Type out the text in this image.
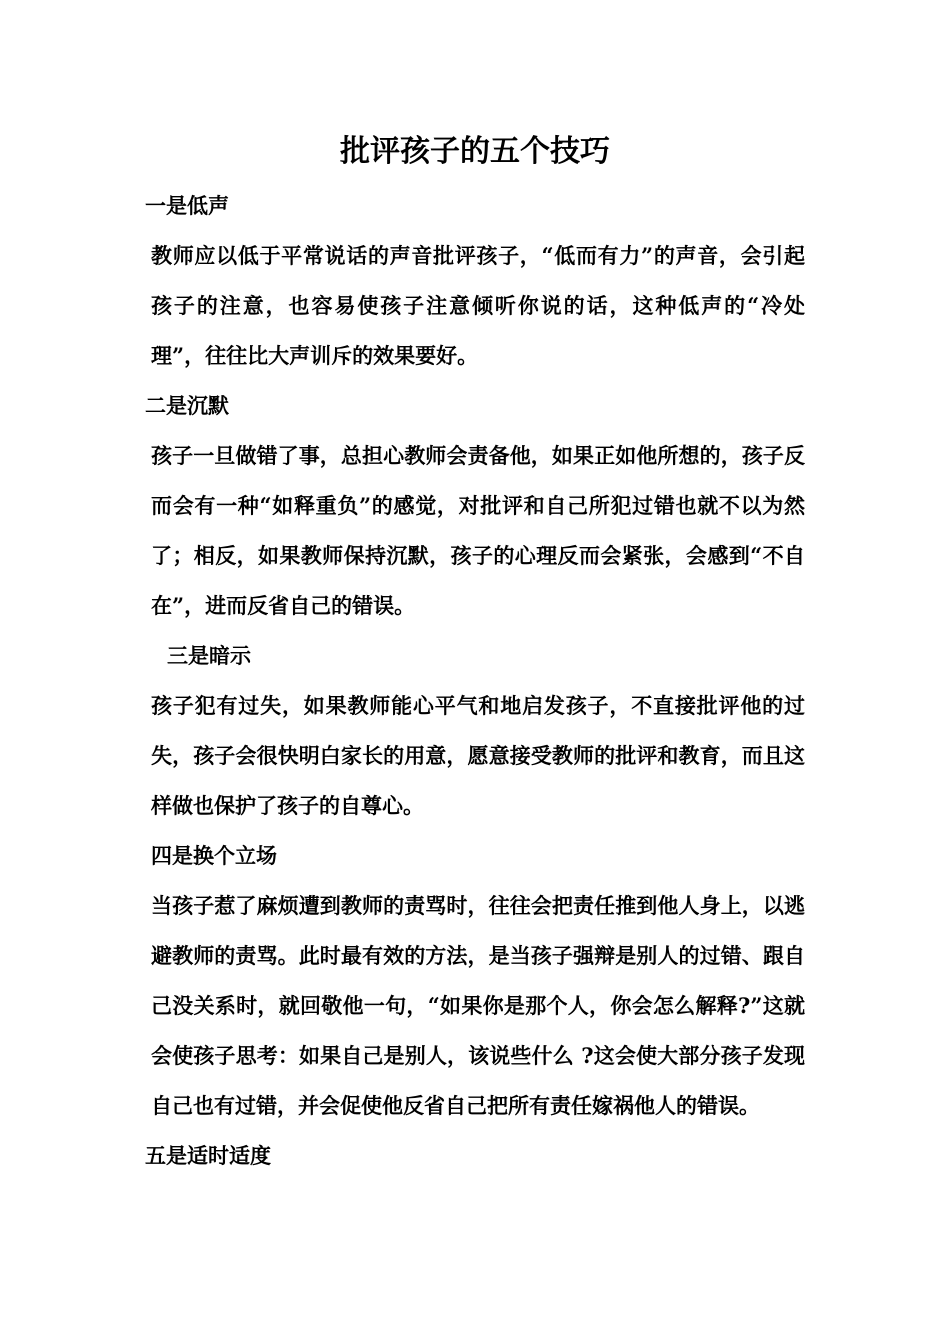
批评孩子的五个技巧
一是低声
教师应以低于平常说话的声音批评孩子，“低而有力”的声音，会引起孩子的注意，也容易使孩子注意倾听你说的话，这种低声的“冷处理”，往往比大声训斥的效果要好。
二是沉默
孩子一旦做错了事，总担心教师会责备他，如果正如他所想的，孩子反而会有一种“如释重负”的感觉，对批评和自己所犯过错也就不以为然了；相反，如果教师保持沉默，孩子的心理反而会紧张，会感到“不自在”，进而反省自己的错误。
三是暗示
孩子犯有过失，如果教师能心平气和地启发孩子，不直接批评他的过失，孩子会很快明白家长的用意，愿意接受教师的批评和教育，而且这样做也保护了孩子的自尊心。
四是换个立场
当孩子惹了麻烦遭到教师的责骂时，往往会把责任推到他人身上，以逃避教师的责骂。此时最有效的方法，是当孩子强辩是别人的过错、跟自己没关系时，就回敬他一句，“如果你是那个人，你会怎么解释?”这就会使孩子思考：如果自己是别人，该说些什么 ?这会使大部分孩子发现自己也有过错，并会促使他反省自己把所有责任嫁祸他人的错误。
五是适时适度
